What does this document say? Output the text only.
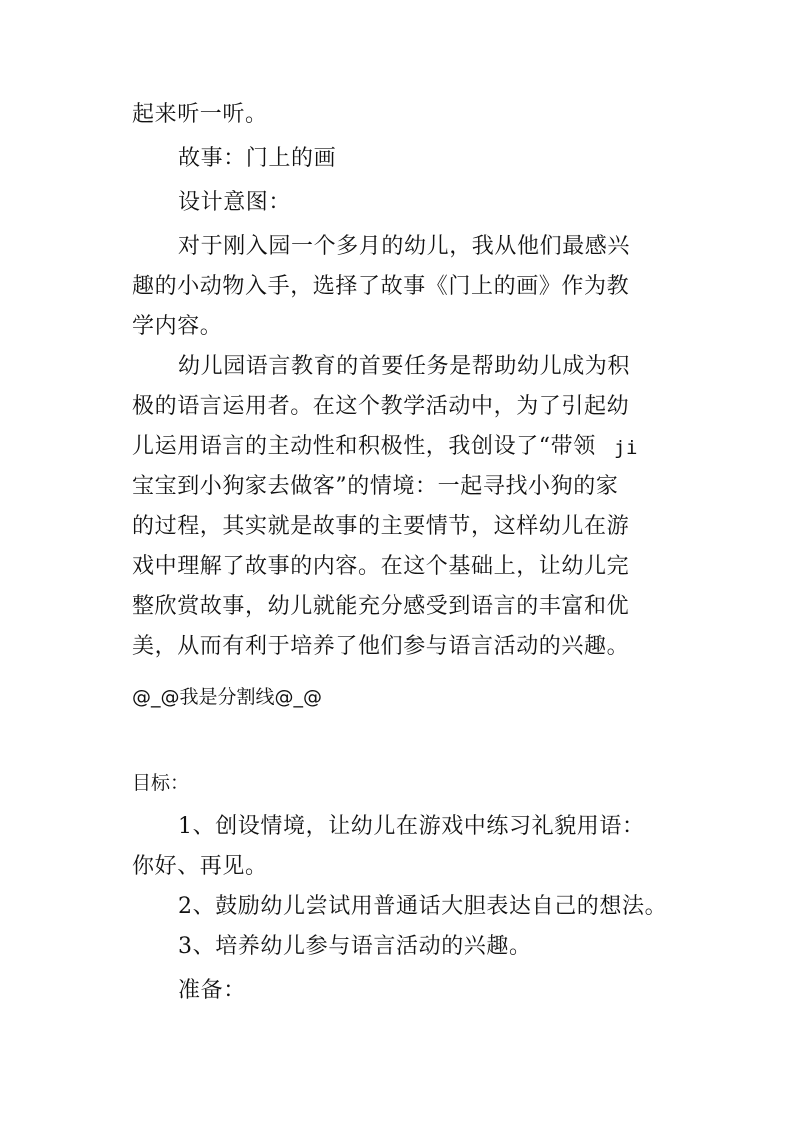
起来听一听。
故事：门上的画
设计意图：
对于刚入园一个多月的幼儿，我从他们最感兴
趣的小动物入手，选择了故事《门上的画》作为教
学内容。
幼儿园语言教育的首要任务是帮助幼儿成为积
极的语言运用者。在这个教学活动中，为了引起幼
儿运用语言的主动性和积极性，我创设了“带领 ji
宝宝到小狗家去做客”的情境：一起寻找小狗的家
的过程，其实就是故事的主要情节，这样幼儿在游
戏中理解了故事的内容。在这个基础上，让幼儿完
整欣赏故事，幼儿就能充分感受到语言的丰富和优
美，从而有利于培养了他们参与语言活动的兴趣。
@_@我是分割线@_@
目标：
1、创设情境，让幼儿在游戏中练习礼貌用语：
你好、再见。
2、鼓励幼儿尝试用普通话大胆表达自己的想法。
3、培养幼儿参与语言活动的兴趣。
准备：
